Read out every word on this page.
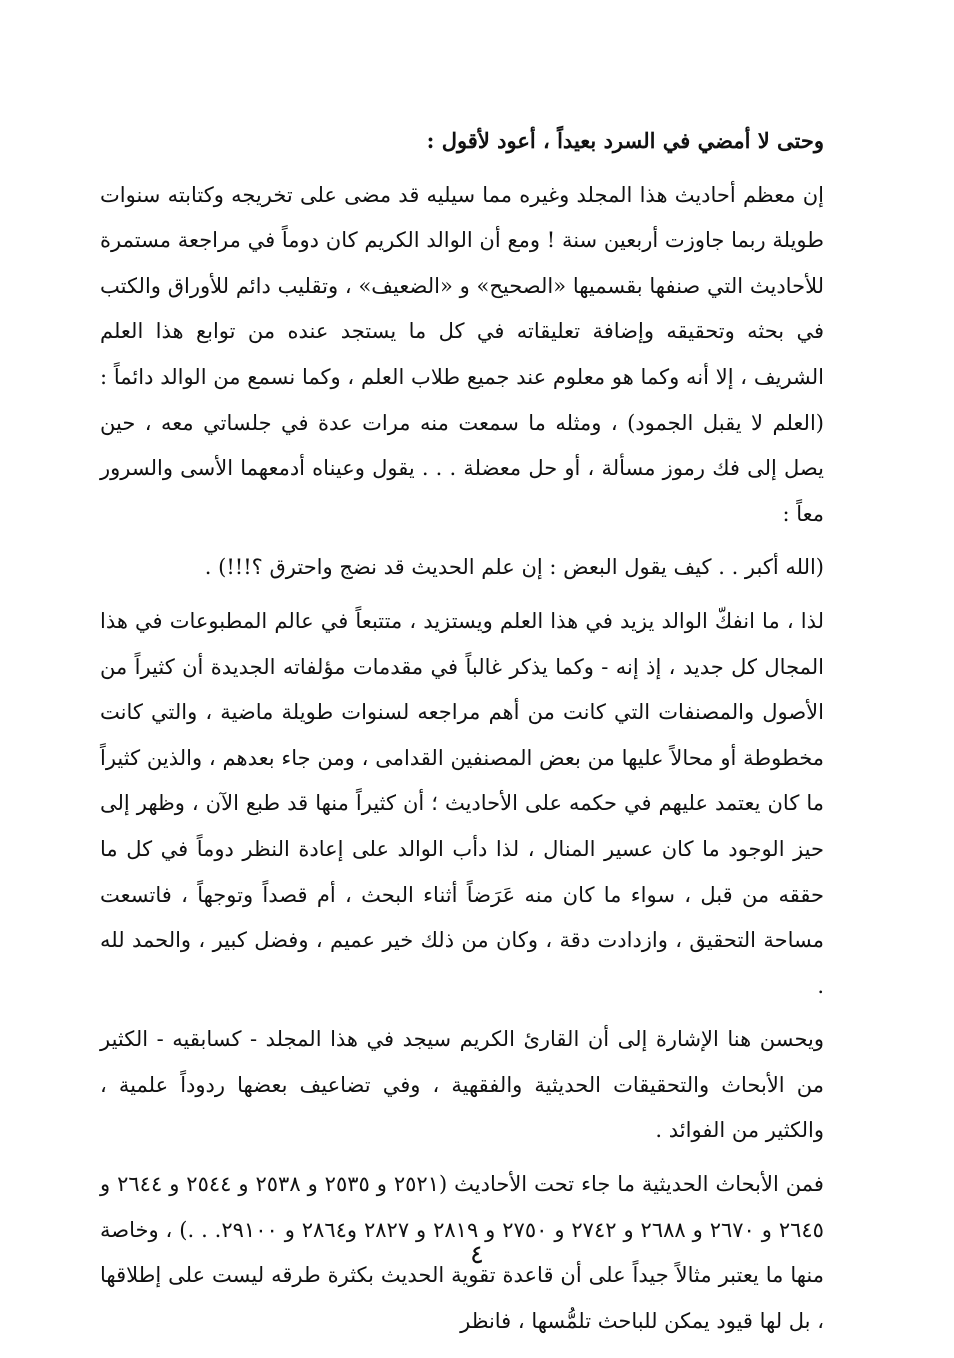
وحتى لا أمضي في السرد بعيداً ، أعود لأقول :

إن معظم أحاديث هذا المجلد وغيره مما سيليه قد مضى على تخريجه وكتابته سنوات طويلة ربما جاوزت أربعين سنة ! ومع أن الوالد الكريم كان دوماً في مراجعة مستمرة للأحاديث التي صنفها بقسميها «الصحيح» و «الضعيف» ، وتقليب دائم للأوراق والكتب في بحثه وتحقيقه وإضافة تعليقاته في كل ما يستجد عنده من توابع هذا العلم الشريف ، إلا أنه وكما هو معلوم عند جميع طلاب العلم ، وكما نسمع من الوالد دائماً : (العلم لا يقبل الجمود) ، ومثله ما سمعت منه مرات عدة في جلساتي معه ، حين يصل إلى فك رموز مسألة ، أو حل معضلة . . . يقول وعيناه أدمعهما الأسى والسرور معاً :

(الله أكبر . . كيف يقول البعض : إن علم الحديث قد نضج واحترق ؟!!!) .

لذا ، ما انفكّ الوالد يزيد في هذا العلم ويستزيد ، متتبعاً في عالم المطبوعات في هذا المجال كل جديد ، إذ إنه - وكما يذكر غالباً في مقدمات مؤلفاته الجديدة أن كثيراً من الأصول والمصنفات التي كانت من أهم مراجعه لسنوات طويلة ماضية ، والتي كانت مخطوطة أو محالاً عليها من بعض المصنفين القدامى ، ومن جاء بعدهم ، والذين كثيراً ما كان يعتمد عليهم في حكمه على الأحاديث ؛ أن كثيراً منها قد طبع الآن ، وظهر إلى حيز الوجود ما كان عسير المنال ، لذا دأب الوالد على إعادة النظر دوماً في كل ما حققه من قبل ، سواء ما كان منه عَرَضاً أثناء البحث ، أم قصداً وتوجهاً ، فاتسعت مساحة التحقيق ، وازدادت دقة ، وكان من ذلك خير عميم ، وفضل كبير ، والحمد لله .

ويحسن هنا الإشارة إلى أن القارئ الكريم سيجد في هذا المجلد - كسابقيه - الكثير من الأبحاث والتحقيقات الحديثية والفقهية ، وفي تضاعيف بعضها ردوداً علمية ، والكثير من الفوائد .

فمن الأبحاث الحديثية ما جاء تحت الأحاديث (٢٥٢١ و ٢٥٣٥ و ٢٥٣٨ و ٢٥٤٤ و ٢٦٤٤ و ٢٦٤٥ و ٢٦٧٠ و ٢٦٨٨ و ٢٧٤٢ و ٢٧٥٠ و ٢٨١٩ و ٢٨٢٧ و٢٨٦٤ و ٢٩١٠٠. . .) ، وخاصة منها ما يعتبر مثالاً جيداً على أن قاعدة تقوية الحديث بكثرة طرقه ليست على إطلاقها ، بل لها قيود يمكن للباحث تلمُّسها ، فانظر

٤
